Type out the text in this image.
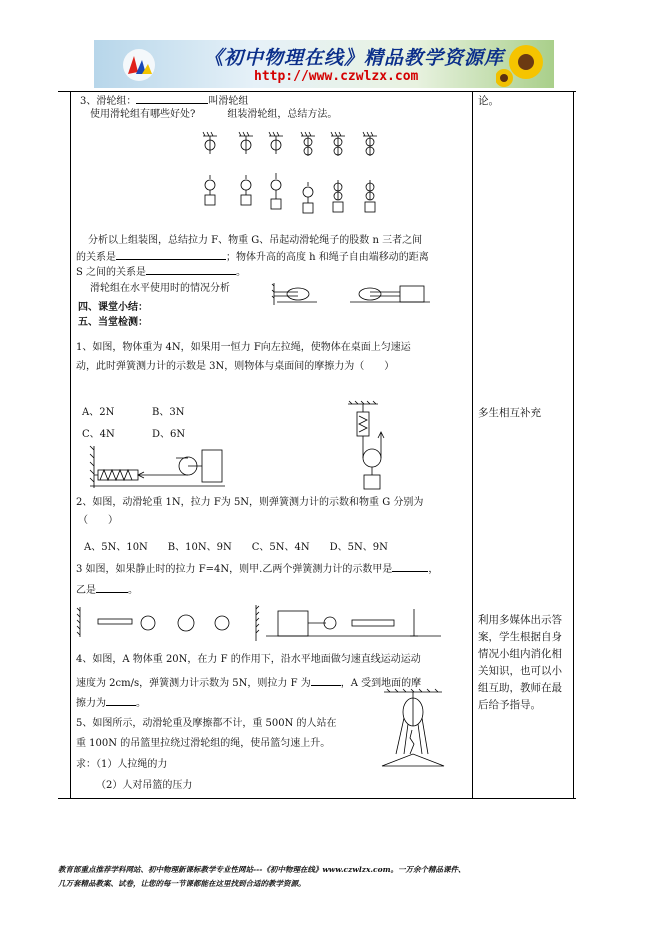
《初中物理在线》精品教学资源库
http://www.czwlzx.com
3、滑轮组：	叫滑轮组
使用滑轮组有哪些好处?	组装滑轮组，总结方法。
分析以上组装图，总结拉力 F、物重 G、吊起动滑轮绳子的股数 n 三者之间
的关系是	；物体升高的高度 h 和绳子自由端移动的距离
S 之间的关系是	。
滑轮组在水平使用时的情况分析
四、课堂小结：
五、当堂检测：
1、如图，物体重为 4N，如果用一恒力 F向左拉绳，使物体在桌面上匀速运
动，此时弹簧测力计的示数是 3N，则物体与桌面间的摩擦力为（　　）
A、2N	B、3N
C、4N	D、6N
2、如图，动滑轮重 1N，拉力 F为 5N，则弹簧测力计的示数和物重 G 分别为
（　　）
A、5N、10N　　B、10N、9N　　C、5N、4N　　D、5N、9N
3 如图，如果静止时的拉力 F=4N，则甲.乙两个弹簧测力计的示数甲是	，
乙是	。
4、如图，A 物体重 20N，在力 F 的作用下，沿水平地面做匀速直线运动运动
速度为 2cm/s，弹簧测力计示数为 5N，则拉力 F 为	，A 受到地面的摩
擦力为	。
5、如图所示，动滑轮重及摩擦都不计，重 500N 的人站在
重 100N 的吊篮里拉绕过滑轮组的绳，使吊篮匀速上升。
求：（1）人拉绳的力
（2）人对吊篮的压力
论。
多生相互补充
利用多媒体出示答案，学生根据自身情况小组内消化相关知识，也可以小组互助，教师在最后给予指导。
教育部重点推荐学科网站、初中物理新课标教学专业性网站---《初中物理在线》www.czwlzx.com。一万余个精品课件、
几万套精品教案、试卷，让您的每一节课都能在这里找到合适的教学资源。
